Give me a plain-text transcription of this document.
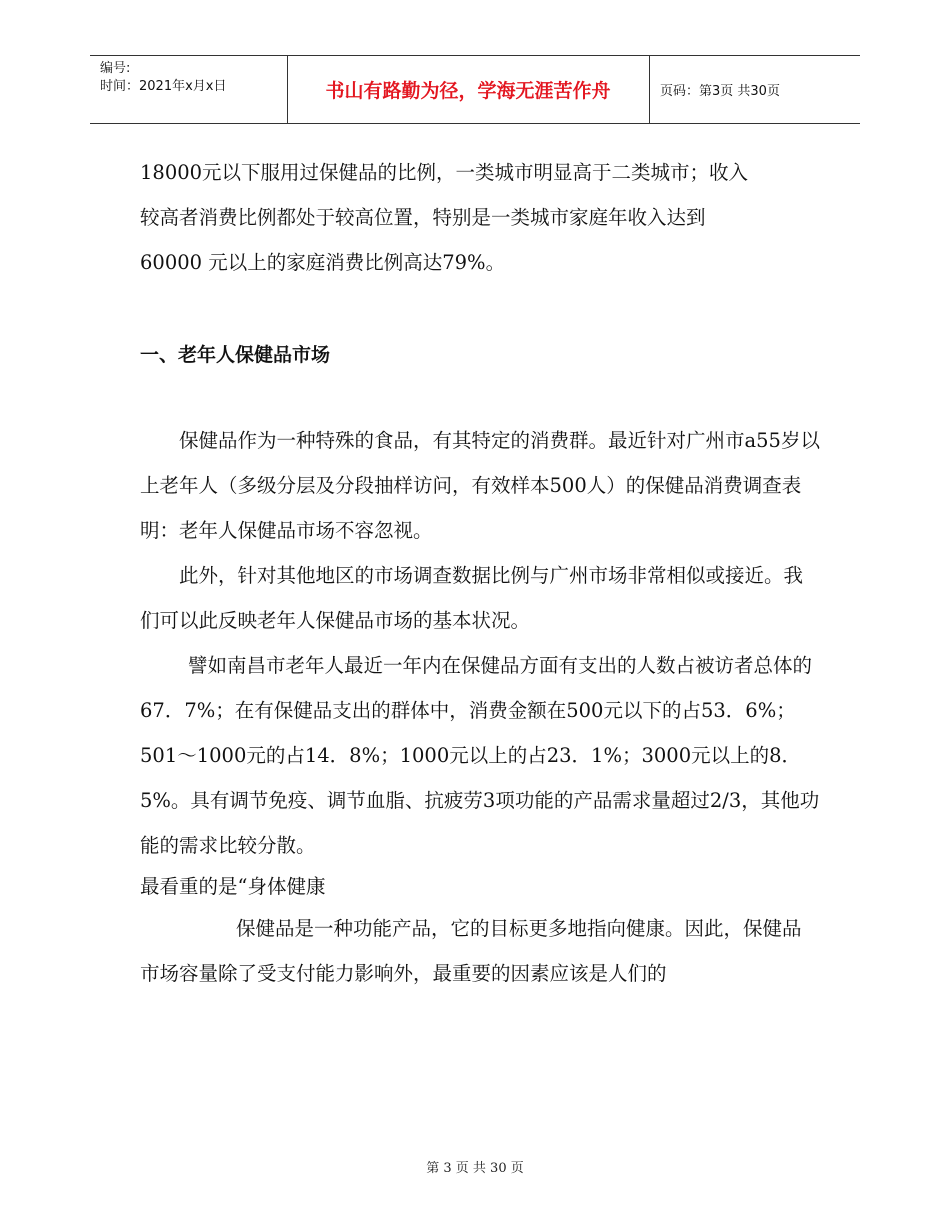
编号:
时间：2021年x月x日	书山有路勤为径，学海无涯苦作舟	页码：第3页 共30页

18000元以下服用过保健品的比例，一类城市明显高于二类城市；收入

较高者消费比例都处于较高位置，特别是一类城市家庭年收入达到

60000 元以上的家庭消费比例高达79%。

一、老年人保健品市场

保健品作为一种特殊的食品，有其特定的消费群。最近针对广州市a55岁以上老年人（多级分层及分段抽样访问，有效样本500人）的保健品消费调查表明：老年人保健品市场不容忽视。

此外，针对其他地区的市场调查数据比例与广州市场非常相似或接近。我们可以此反映老年人保健品市场的基本状况。

譬如南昌市老年人最近一年内在保健品方面有支出的人数占被访者总体的67．7%；在有保健品支出的群体中，消费金额在500元以下的占53．6%；501～1000元的占14．8%；1000元以上的占23．1%；3000元以上的8．5%。具有调节免疫、调节血脂、抗疲劳3项功能的产品需求量超过2/3，其他功能的需求比较分散。

最看重的是“身体健康

保健品是一种功能产品，它的目标更多地指向健康。因此，保健品市场容量除了受支付能力影响外，最重要的因素应该是人们的

第 3 页 共 30 页
